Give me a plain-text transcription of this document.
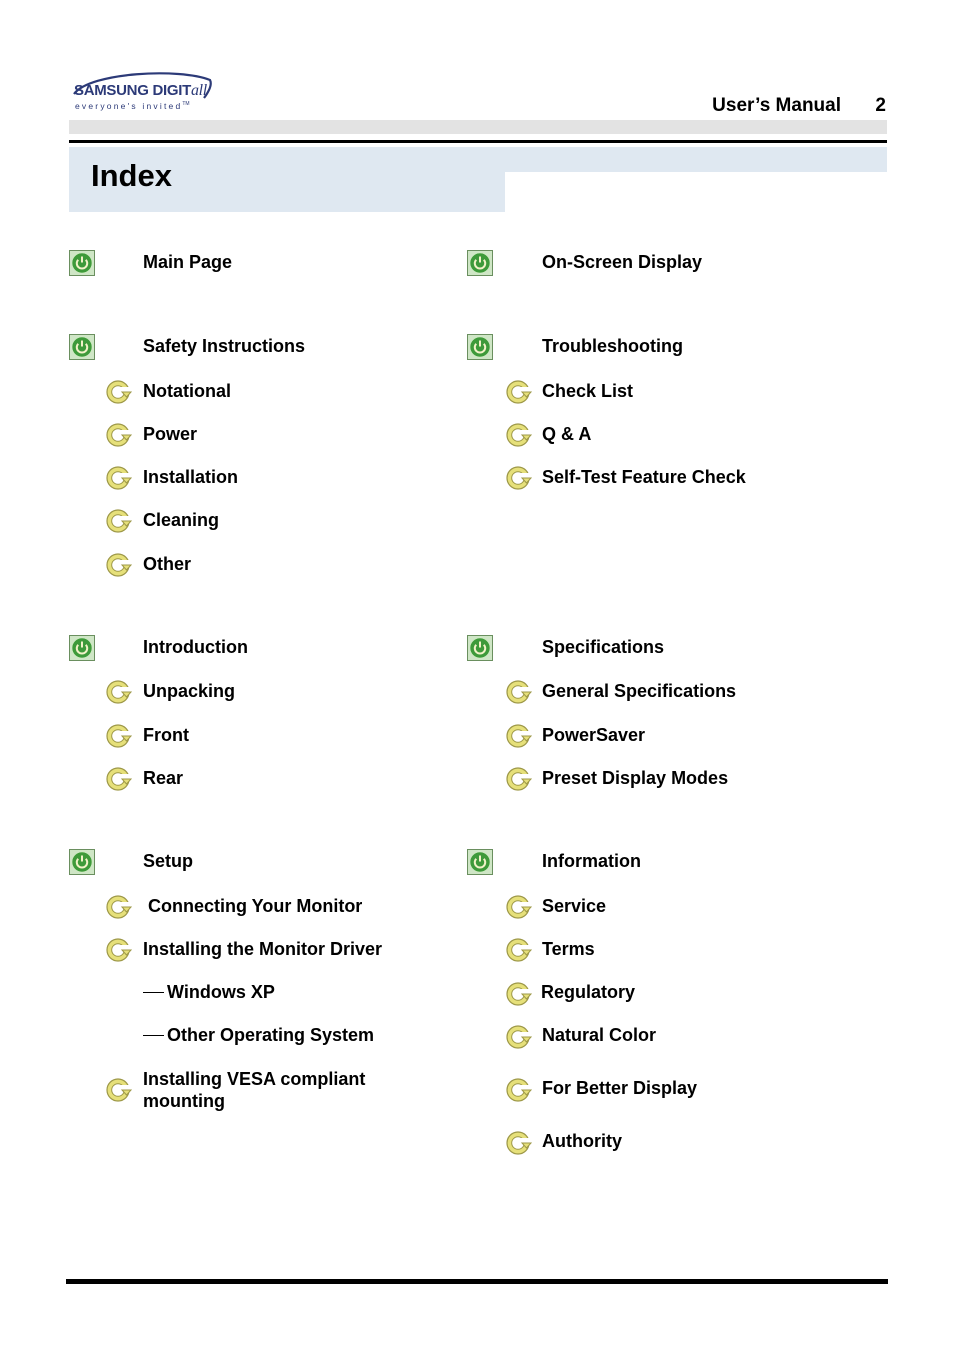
SAMSUNG DIGITall
everyone's invited™	User’s Manual 2
Index
Main Page
Safety Instructions
Notational
Power
Installation
Cleaning
Other
Introduction
Unpacking
Front
Rear
Setup
Connecting Your Monitor
Installing the Monitor Driver
Windows XP
Other Operating System
Installing VESA compliant mounting
On-Screen Display
Troubleshooting
Check List
Q & A
Self-Test Feature Check
Specifications
General Specifications
PowerSaver
Preset Display Modes
Information
Service
Terms
Regulatory
Natural Color
For Better Display
Authority
